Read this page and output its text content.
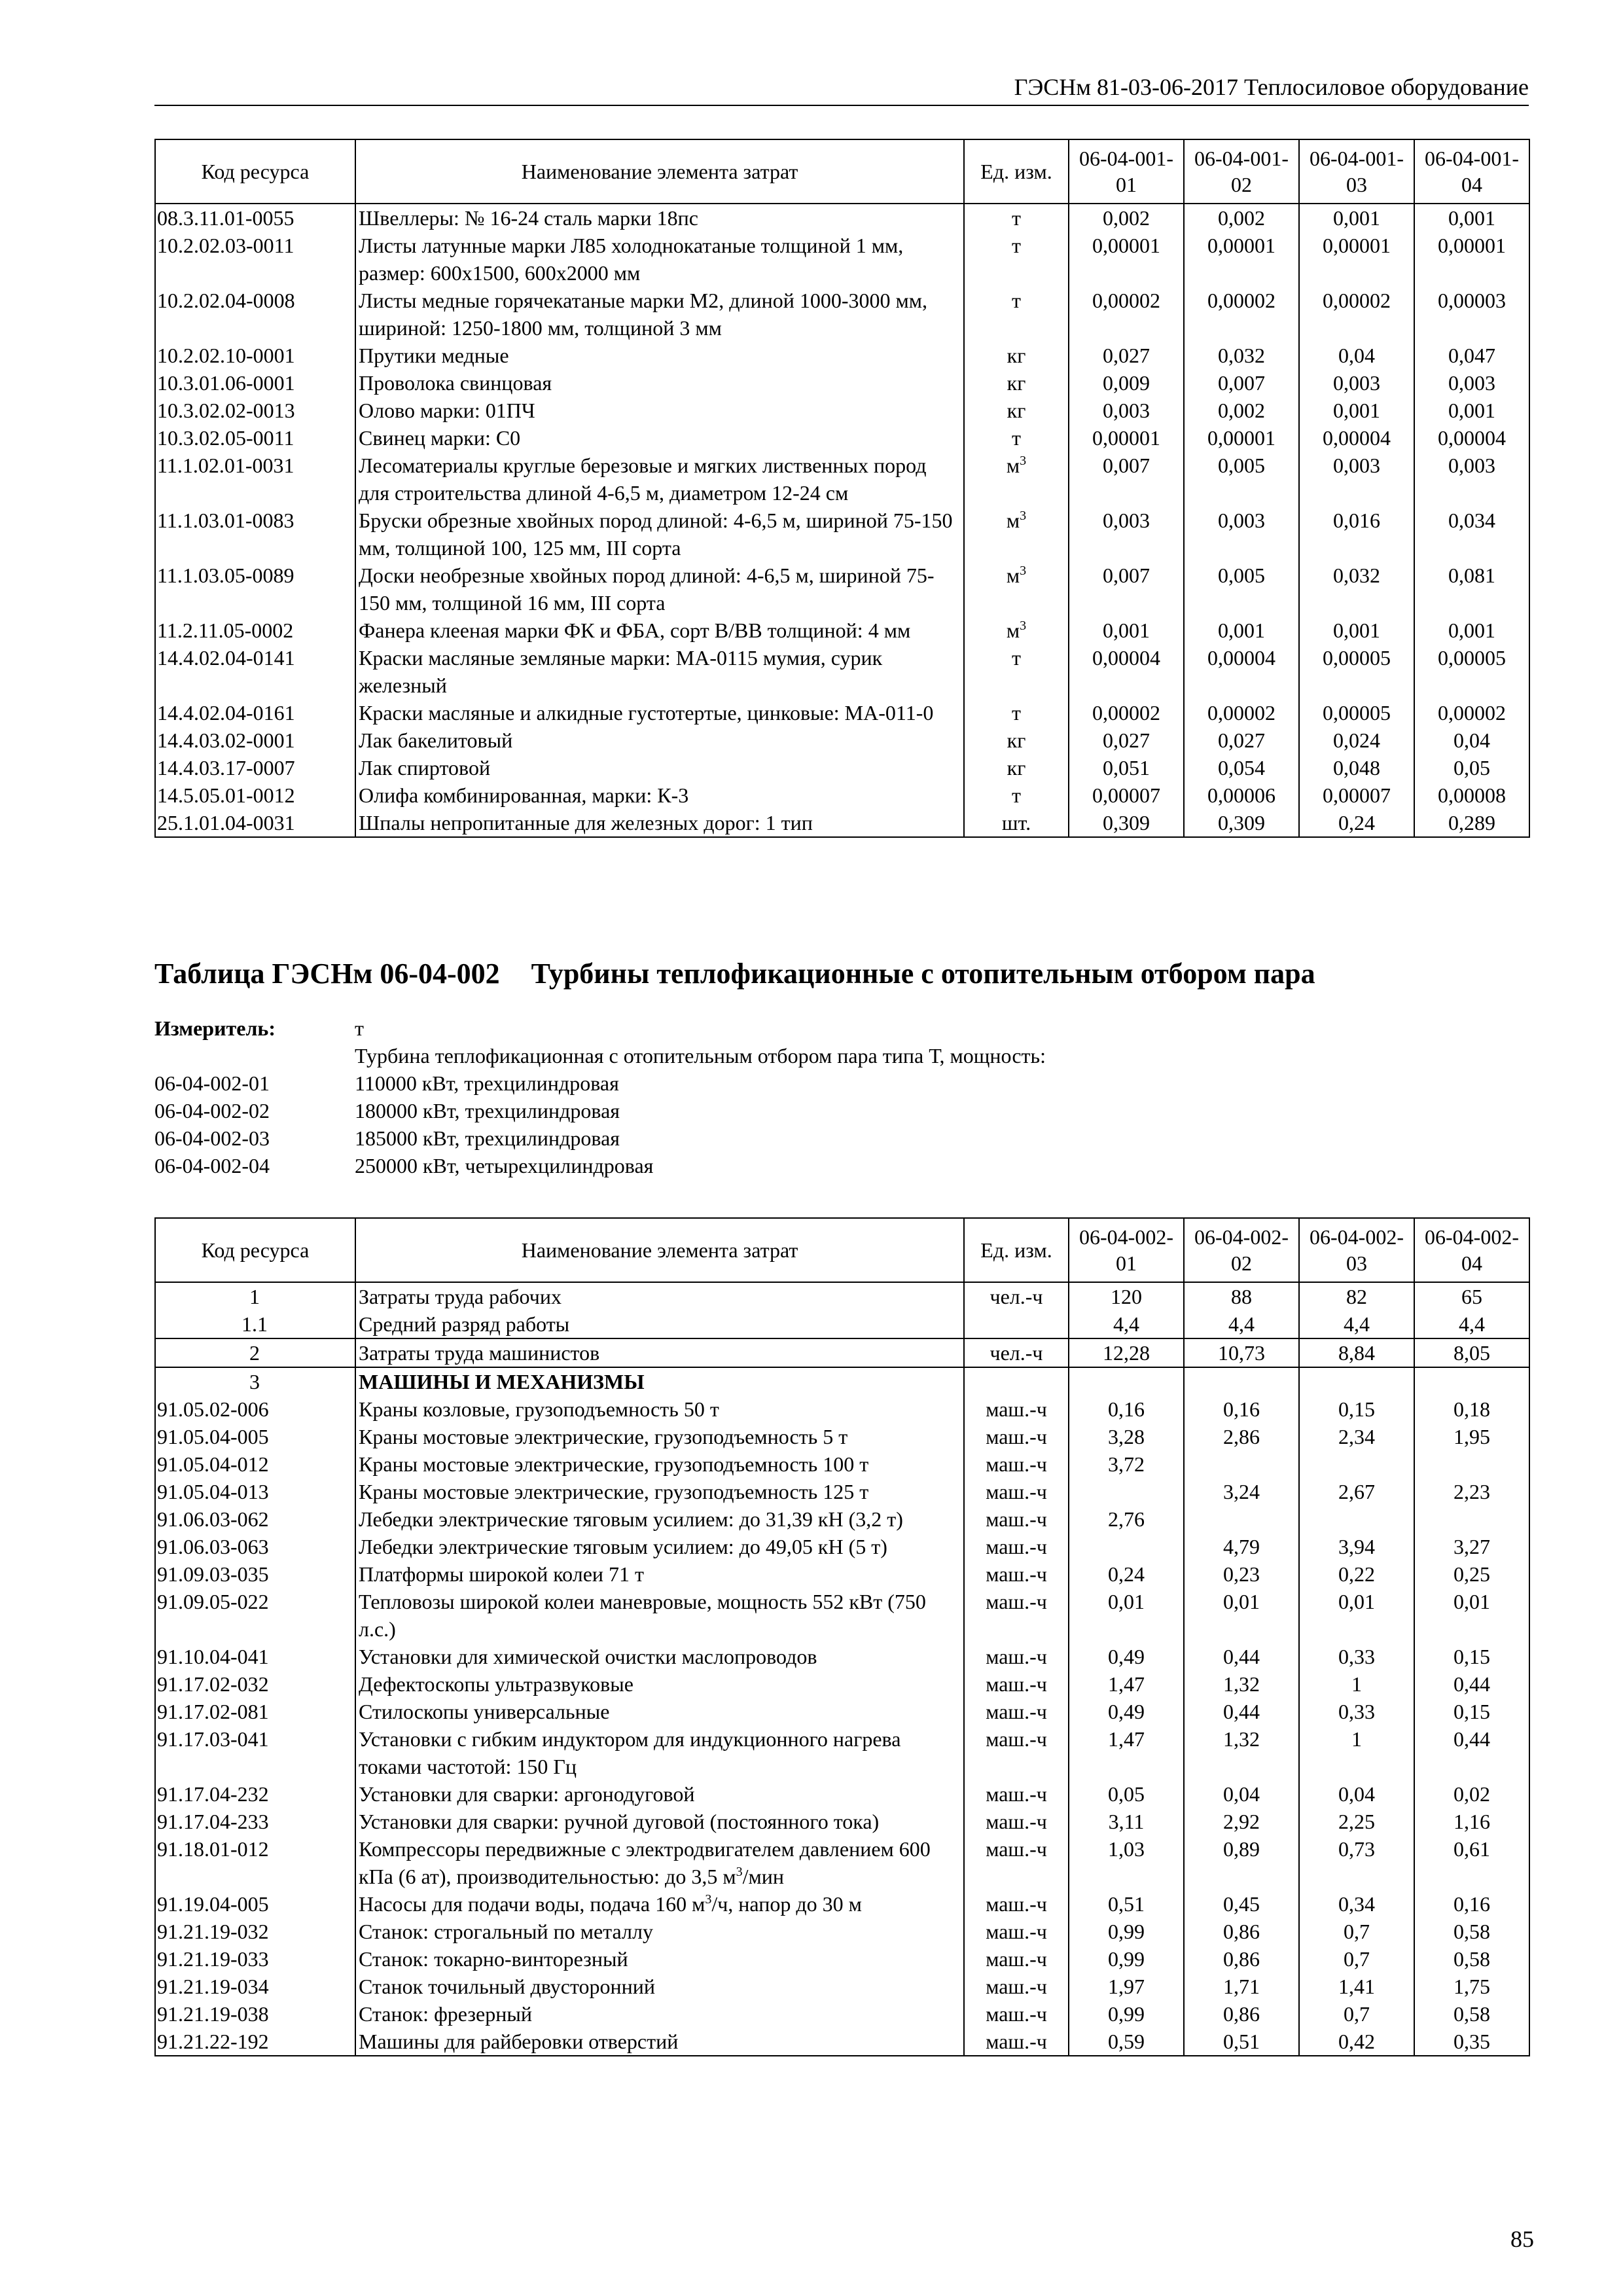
ГЭСНм 81-03-06-2017 Теплосиловое оборудование
Код ресурса	Наименование элемента затрат	Ед. изм.	06-04-001-01	06-04-001-02	06-04-001-03	06-04-001-04
08.3.11.01-0055	Швеллеры: № 16-24 сталь марки 18пс	т	0,002	0,002	0,001	0,001
10.2.02.03-0011	Листы латунные марки Л85 холоднокатаные толщиной 1 мм, размер: 600x1500, 600x2000 мм	т	0,00001	0,00001	0,00001	0,00001
10.2.02.04-0008	Листы медные горячекатаные марки М2, длиной 1000-3000 мм, шириной: 1250-1800 мм, толщиной 3 мм	т	0,00002	0,00002	0,00002	0,00003
10.2.02.10-0001	Прутики медные	кг	0,027	0,032	0,04	0,047
10.3.01.06-0001	Проволока свинцовая	кг	0,009	0,007	0,003	0,003
10.3.02.02-0013	Олово марки: 01ПЧ	кг	0,003	0,002	0,001	0,001
10.3.02.05-0011	Свинец марки: С0	т	0,00001	0,00001	0,00004	0,00004
11.1.02.01-0031	Лесоматериалы круглые березовые и мягких лиственных пород для строительства длиной 4-6,5 м, диаметром 12-24 см	$м^3$	0,007	0,005	0,003	0,003
11.1.03.01-0083	Бруски обрезные хвойных пород длиной: 4-6,5 м, шириной 75-150 мм, толщиной 100, 125 мм, III сорта	$м^3$	0,003	0,003	0,016	0,034
11.1.03.05-0089	Доски необрезные хвойных пород длиной: 4-6,5 м, шириной 75-150 мм, толщиной 16 мм, III сорта	$м^3$	0,007	0,005	0,032	0,081
11.2.11.05-0002	Фанера клееная марки ФК и ФБА, сорт В/ВВ толщиной: 4 мм	$м^3$	0,001	0,001	0,001	0,001
14.4.02.04-0141	Краски масляные земляные марки: МА-0115 мумия, сурик железный	т	0,00004	0,00004	0,00005	0,00005
14.4.02.04-0161	Краски масляные и алкидные густотертые, цинковые: МА-011-0	т	0,00002	0,00002	0,00005	0,00002
14.4.03.02-0001	Лак бакелитовый	кг	0,027	0,027	0,024	0,04
14.4.03.17-0007	Лак спиртовой	кг	0,051	0,054	0,048	0,05
14.5.05.01-0012	Олифа комбинированная, марки: К-3	т	0,00007	0,00006	0,00007	0,00008
25.1.01.04-0031	Шпалы непропитанные для железных дорог: 1 тип	шт.	0,309	0,309	0,24	0,289
Таблица ГЭСНм 06-04-002 Турбины теплофикационные с отопительным отбором пара
Измеритель:	т
Турбина теплофикационная с отопительным отбором пара типа Т, мощность:
06-04-002-01	110000 кВт, трехцилиндровая
06-04-002-02	180000 кВт, трехцилиндровая
06-04-002-03	185000 кВт, трехцилиндровая
06-04-002-04	250000 кВт, четырехцилиндровая
Код ресурса	Наименование элемента затрат	Ед. изм.	06-04-002-01	06-04-002-02	06-04-002-03	06-04-002-04
1	Затраты труда рабочих	чел.-ч	120	88	82	65
1.1	Средний разряд работы		4,4	4,4	4,4	4,4
2	Затраты труда машинистов	чел.-ч	12,28	10,73	8,84	8,05
3	МАШИНЫ И МЕХАНИЗМЫ					
91.05.02-006	Краны козловые, грузоподъемность 50 т	маш.-ч	0,16	0,16	0,15	0,18
91.05.04-005	Краны мостовые электрические, грузоподъемность 5 т	маш.-ч	3,28	2,86	2,34	1,95
91.05.04-012	Краны мостовые электрические, грузоподъемность 100 т	маш.-ч	3,72			
91.05.04-013	Краны мостовые электрические, грузоподъемность 125 т	маш.-ч		3,24	2,67	2,23
91.06.03-062	Лебедки электрические тяговым усилием: до 31,39 кН (3,2 т)	маш.-ч	2,76			
91.06.03-063	Лебедки электрические тяговым усилием: до 49,05 кН (5 т)	маш.-ч		4,79	3,94	3,27
91.09.03-035	Платформы широкой колеи 71 т	маш.-ч	0,24	0,23	0,22	0,25
91.09.05-022	Тепловозы широкой колеи маневровые, мощность 552 кВт (750 л.с.)	маш.-ч	0,01	0,01	0,01	0,01
91.10.04-041	Установки для химической очистки маслопроводов	маш.-ч	0,49	0,44	0,33	0,15
91.17.02-032	Дефектоскопы ультразвуковые	маш.-ч	1,47	1,32	1	0,44
91.17.02-081	Стилоскопы универсальные	маш.-ч	0,49	0,44	0,33	0,15
91.17.03-041	Установки с гибким индуктором для индукционного нагрева токами частотой: 150 Гц	маш.-ч	1,47	1,32	1	0,44
91.17.04-232	Установки для сварки: аргонодуговой	маш.-ч	0,05	0,04	0,04	0,02
91.17.04-233	Установки для сварки: ручной дуговой (постоянного тока)	маш.-ч	3,11	2,92	2,25	1,16
91.18.01-012	Компрессоры передвижные с электродвигателем давлением 600 кПа (6 ат), производительностью: до 3,5 $м^3$/мин	маш.-ч	1,03	0,89	0,73	0,61
91.19.04-005	Насосы для подачи воды, подача 160 $м^3/ч$, напор до 30 м	маш.-ч	0,51	0,45	0,34	0,16
91.21.19-032	Станок: строгальный по металлу	маш.-ч	0,99	0,86	0,7	0,58
91.21.19-033	Станок: токарно-винторезный	маш.-ч	0,99	0,86	0,7	0,58
91.21.19-034	Станок точильный двусторонний	маш.-ч	1,97	1,71	1,41	1,75
91.21.19-038	Станок: фрезерный	маш.-ч	0,99	0,86	0,7	0,58
91.21.22-192	Машины для райберовки отверстий	маш.-ч	0,59	0,51	0,42	0,35
85
